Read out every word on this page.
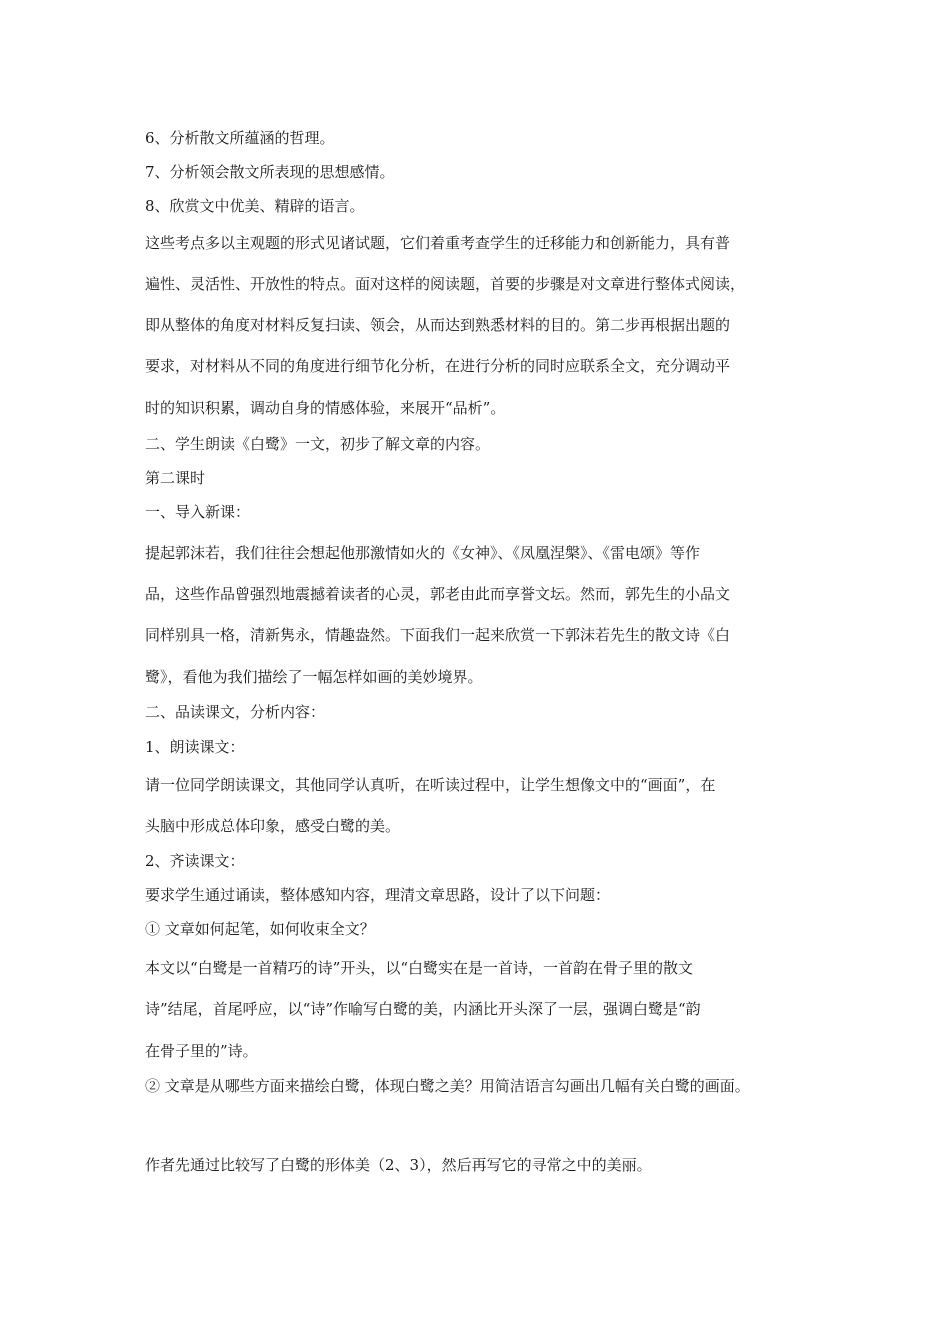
6、分析散文所蕴涵的哲理。
7、分析领会散文所表现的思想感情。
8、欣赏文中优美、精辟的语言。
这些考点多以主观题的形式见诸试题，它们着重考查学生的迁移能力和创新能力，具有普
遍性、灵活性、开放性的特点。面对这样的阅读题，首要的步骤是对文章进行整体式阅读，
即从整体的角度对材料反复扫读、领会，从而达到熟悉材料的目的。第二步再根据出题的
要求，对材料从不同的角度进行细节化分析，在进行分析的同时应联系全文，充分调动平
时的知识积累，调动自身的情感体验，来展开“品析”。
二、学生朗读《白鹭》一文，初步了解文章的内容。
第二课时
一、导入新课：
提起郭沫若，我们往往会想起他那激情如火的《女神》、《凤凰涅槃》、《雷电颂》等作
品，这些作品曾强烈地震撼着读者的心灵，郭老由此而享誉文坛。然而，郭先生的小品文
同样别具一格，清新隽永，情趣盎然。下面我们一起来欣赏一下郭沫若先生的散文诗《白
鹭》，看他为我们描绘了一幅怎样如画的美妙境界。
二、品读课文，分析内容：
1、朗读课文：
请一位同学朗读课文，其他同学认真听，在听读过程中，让学生想像文中的“画面”，在
头脑中形成总体印象，感受白鹭的美。
2、齐读课文：
要求学生通过诵读，整体感知内容，理清文章思路，设计了以下问题：
① 文章如何起笔，如何收束全文？
本文以“白鹭是一首精巧的诗”开头，以“白鹭实在是一首诗，一首韵在骨子里的散文
诗”结尾，首尾呼应，以“诗”作喻写白鹭的美，内涵比开头深了一层，强调白鹭是“韵
在骨子里的”诗。
② 文章是从哪些方面来描绘白鹭，体现白鹭之美？用简洁语言勾画出几幅有关白鹭的画面。
作者先通过比较写了白鹭的形体美（2、3），然后再写它的寻常之中的美丽。
